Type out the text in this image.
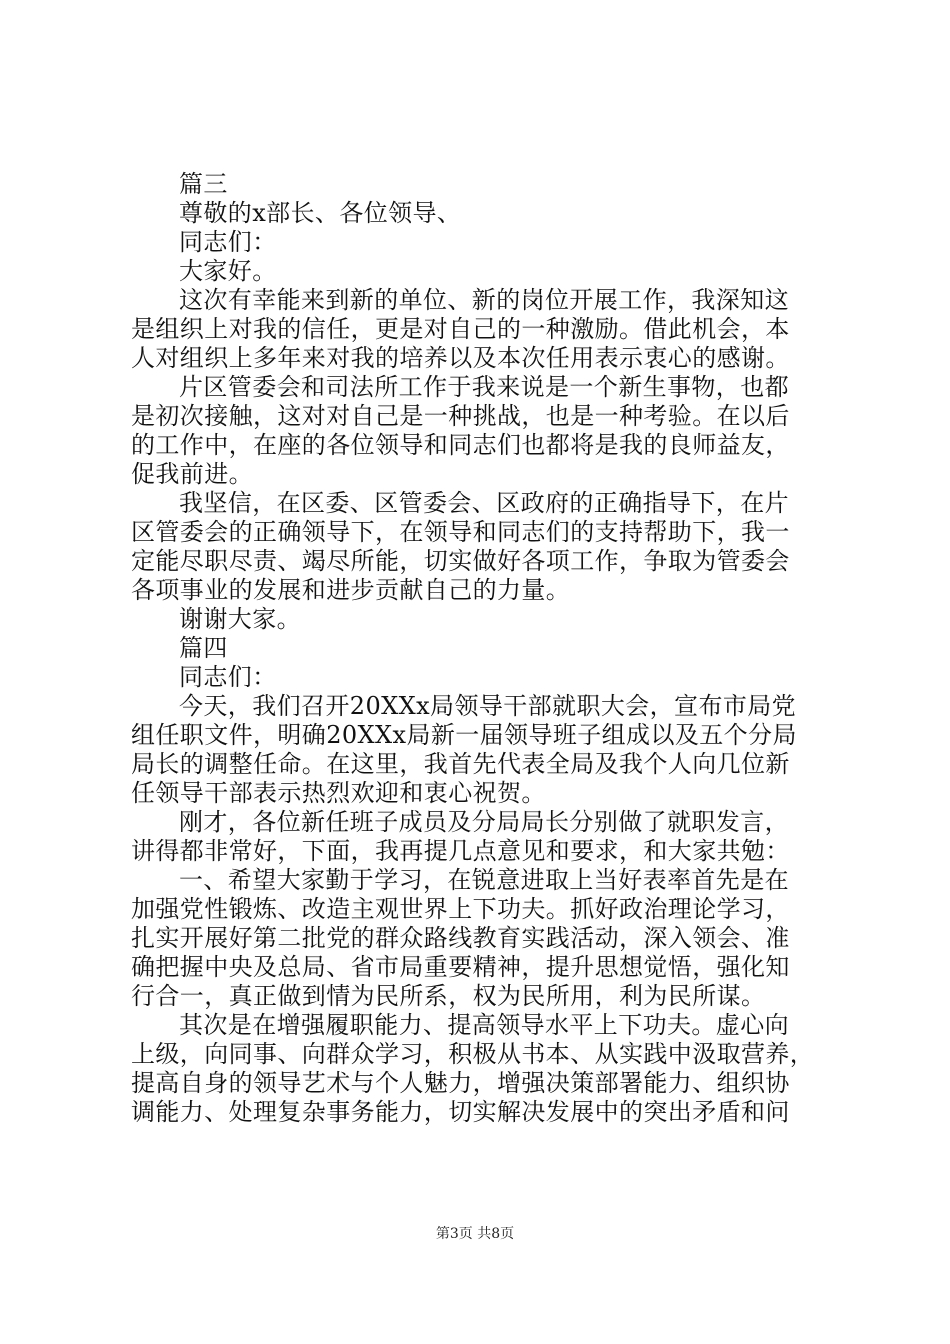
篇三
尊敬的x部长、各位领导、
同志们：
大家好。
这次有幸能来到新的单位、新的岗位开展工作，我深知这
是组织上对我的信任，更是对自己的一种激励。借此机会，本
人对组织上多年来对我的培养以及本次任用表示衷心的感谢。
片区管委会和司法所工作于我来说是一个新生事物，也都
是初次接触，这对对自己是一种挑战，也是一种考验。在以后
的工作中，在座的各位领导和同志们也都将是我的良师益友，
促我前进。
我坚信，在区委、区管委会、区政府的正确指导下，在片
区管委会的正确领导下，在领导和同志们的支持帮助下，我一
定能尽职尽责、竭尽所能，切实做好各项工作，争取为管委会
各项事业的发展和进步贡献自己的力量。
谢谢大家。
篇四
同志们：
今天，我们召开20XXx局领导干部就职大会，宣布市局党
组任职文件，明确20XXx局新一届领导班子组成以及五个分局
局长的调整任命。在这里，我首先代表全局及我个人向几位新
任领导干部表示热烈欢迎和衷心祝贺。
刚才，各位新任班子成员及分局局长分别做了就职发言，
讲得都非常好，下面，我再提几点意见和要求，和大家共勉：
一、希望大家勤于学习，在锐意进取上当好表率首先是在
加强党性锻炼、改造主观世界上下功夫。抓好政治理论学习，
扎实开展好第二批党的群众路线教育实践活动，深入领会、准
确把握中央及总局、省市局重要精神，提升思想觉悟，强化知
行合一，真正做到情为民所系，权为民所用，利为民所谋。
其次是在增强履职能力、提高领导水平上下功夫。虚心向
上级，向同事、向群众学习，积极从书本、从实践中汲取营养，
提高自身的领导艺术与个人魅力，增强决策部署能力、组织协
调能力、处理复杂事务能力，切实解决发展中的突出矛盾和问
第3页 共8页
